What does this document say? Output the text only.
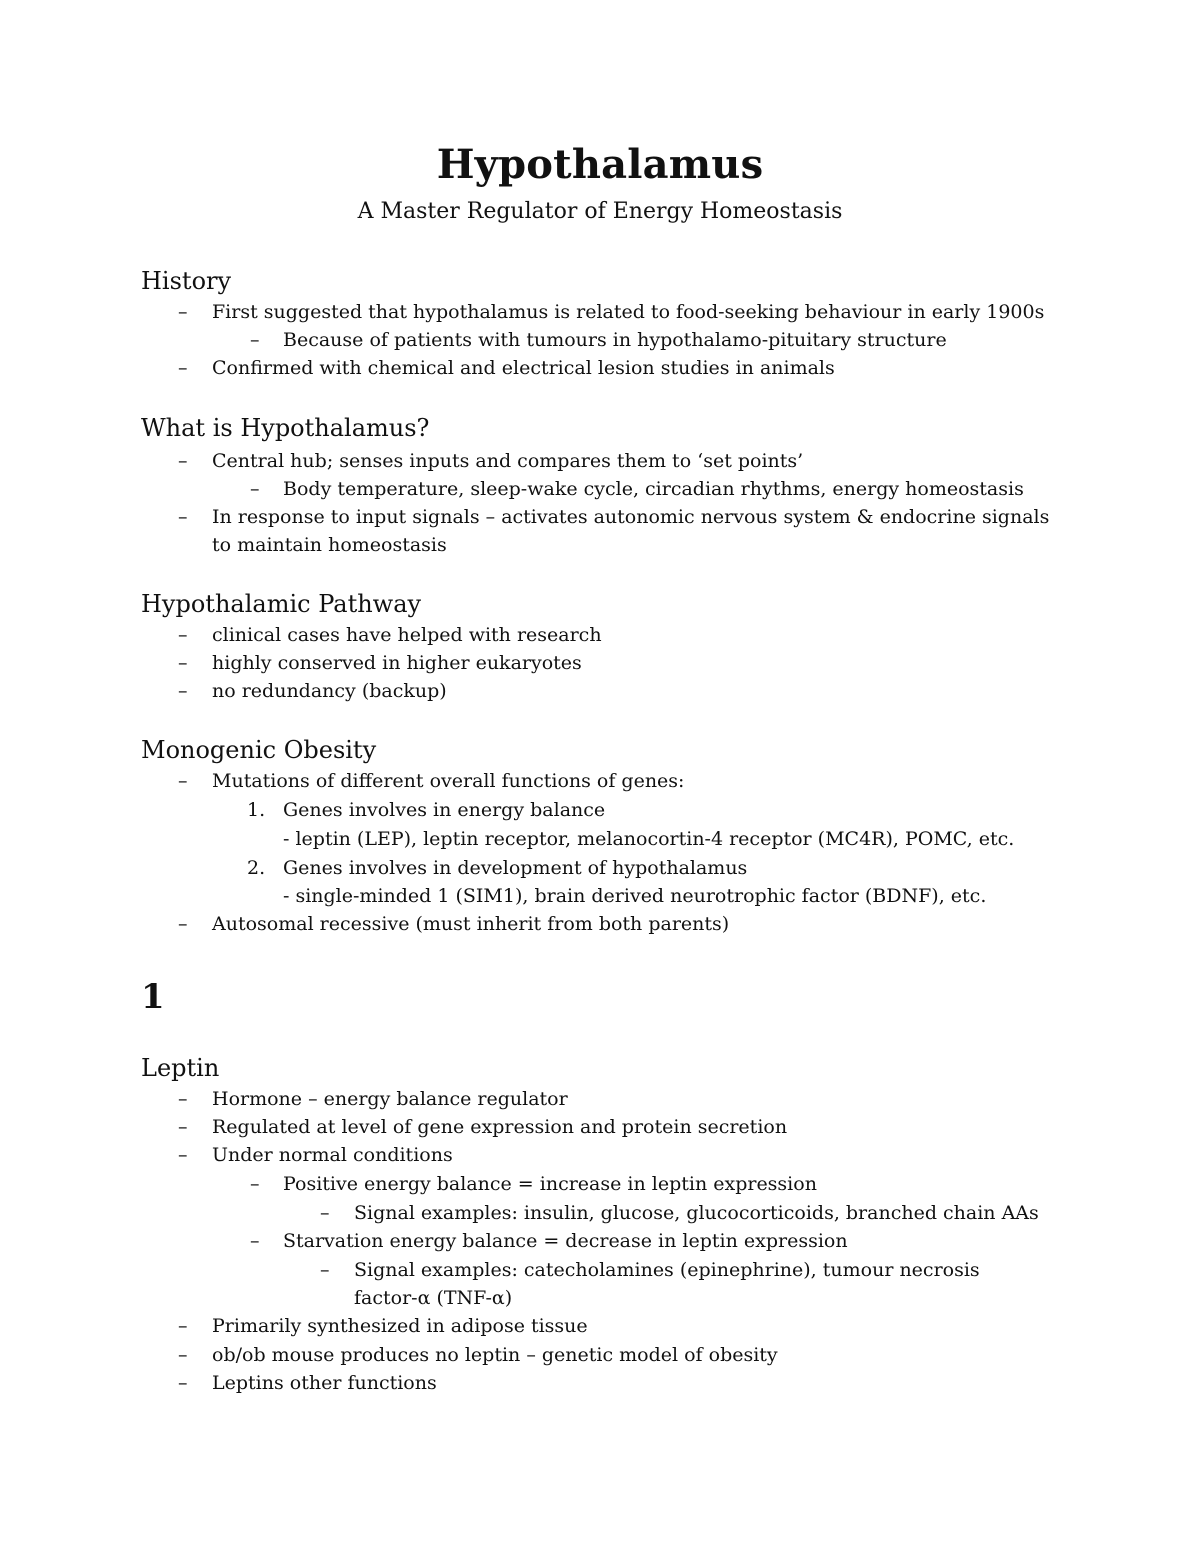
Hypothalamus
A Master Regulator of Energy Homeostasis
History
– First suggested that hypothalamus is related to food-seeking behaviour in early 1900s
– Because of patients with tumours in hypothalamo-pituitary structure
– Confirmed with chemical and electrical lesion studies in animals
What is Hypothalamus?
– Central hub; senses inputs and compares them to ‘set points’
– Body temperature, sleep-wake cycle, circadian rhythms, energy homeostasis
– In response to input signals – activates autonomic nervous system & endocrine signals
to maintain homeostasis
Hypothalamic Pathway
– clinical cases have helped with research
– highly conserved in higher eukaryotes
– no redundancy (backup)
Monogenic Obesity
– Mutations of different overall functions of genes:
1. Genes involves in energy balance
- leptin (LEP), leptin receptor, melanocortin-4 receptor (MC4R), POMC, etc.
2. Genes involves in development of hypothalamus
- single-minded 1 (SIM1), brain derived neurotrophic factor (BDNF), etc.
– Autosomal recessive (must inherit from both parents)
1
Leptin
– Hormone – energy balance regulator
– Regulated at level of gene expression and protein secretion
– Under normal conditions
– Positive energy balance = increase in leptin expression
– Signal examples: insulin, glucose, glucocorticoids, branched chain AAs
– Starvation energy balance = decrease in leptin expression
– Signal examples: catecholamines (epinephrine), tumour necrosis
factor-α (TNF-α)
– Primarily synthesized in adipose tissue
– ob/ob mouse produces no leptin – genetic model of obesity
– Leptins other functions
